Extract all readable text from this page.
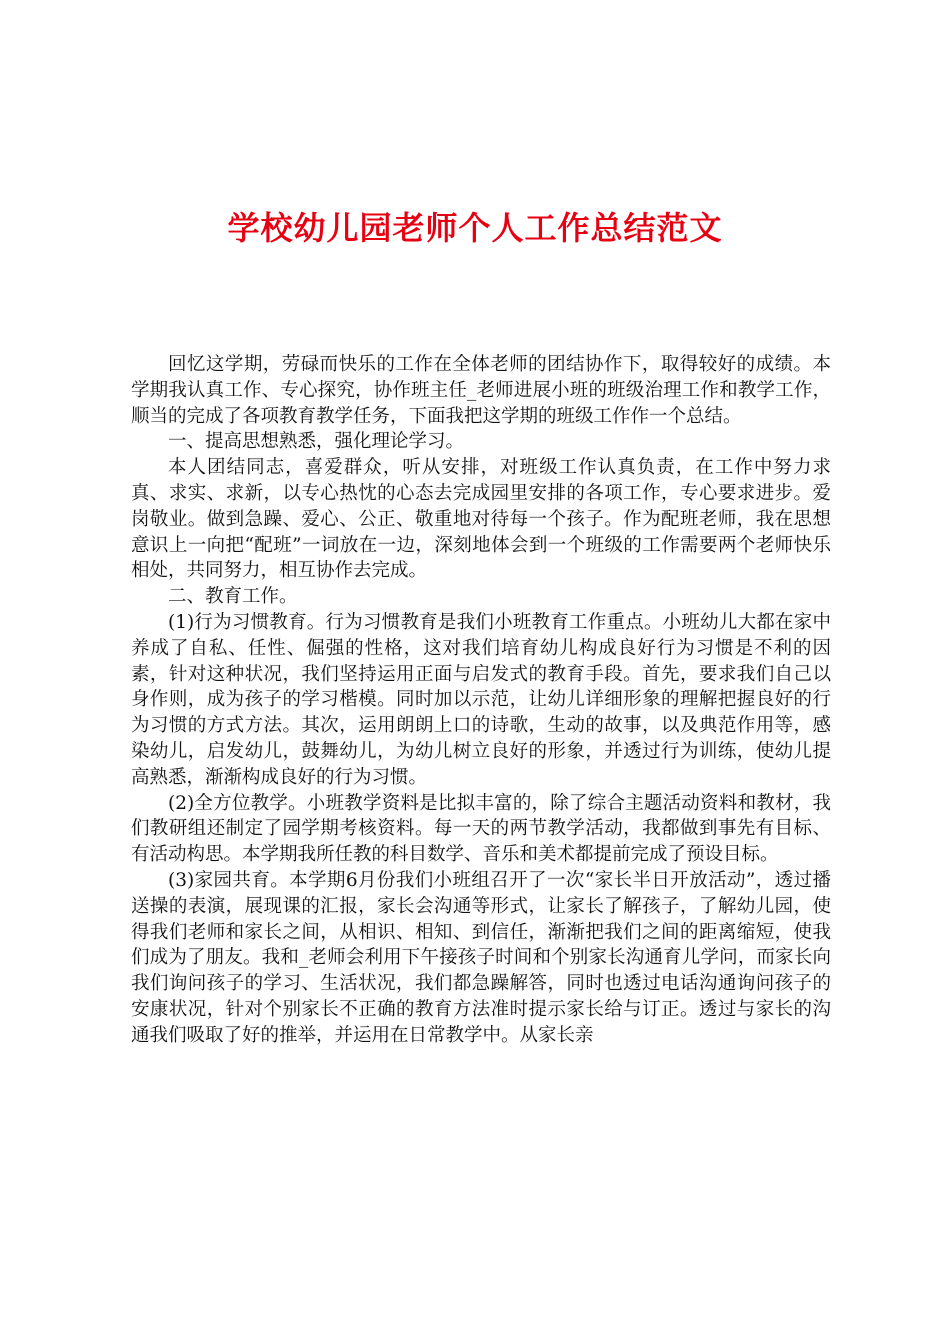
学校幼儿园老师个人工作总结范文

回忆这学期，劳碌而快乐的工作在全体老师的团结协作下，取得较好的成绩。本学期我认真工作、专心探究，协作班主任_老师进展小班的班级治理工作和教学工作，顺当的完成了各项教育教学任务，下面我把这学期的班级工作作一个总结。

一、提高思想熟悉，强化理论学习。

本人团结同志，喜爱群众，听从安排，对班级工作认真负责，在工作中努力求真、求实、求新，以专心热忱的心态去完成园里安排的各项工作，专心要求进步。爱岗敬业。做到急躁、爱心、公正、敬重地对待每一个孩子。作为配班老师，我在思想意识上一向把“配班”一词放在一边，深刻地体会到一个班级的工作需要两个老师快乐相处，共同努力，相互协作去完成。

二、教育工作。

(1)行为习惯教育。行为习惯教育是我们小班教育工作重点。小班幼儿大都在家中养成了自私、任性、倔强的性格，这对我们培育幼儿构成良好行为习惯是不利的因素，针对这种状况，我们坚持运用正面与启发式的教育手段。首先，要求我们自己以身作则，成为孩子的学习楷模。同时加以示范，让幼儿详细形象的理解把握良好的行为习惯的方式方法。其次，运用朗朗上口的诗歌，生动的故事，以及典范作用等，感染幼儿，启发幼儿，鼓舞幼儿，为幼儿树立良好的形象，并透过行为训练，使幼儿提高熟悉，渐渐构成良好的行为习惯。

(2)全方位教学。小班教学资料是比拟丰富的，除了综合主题活动资料和教材，我们教研组还制定了园学期考核资料。每一天的两节教学活动，我都做到事先有目标、有活动构思。本学期我所任教的科目数学、音乐和美术都提前完成了预设目标。

(3)家园共育。本学期6月份我们小班组召开了一次“家长半日开放活动”，透过播送操的表演，展现课的汇报，家长会沟通等形式，让家长了解孩子，了解幼儿园，使得我们老师和家长之间，从相识、相知、到信任，渐渐把我们之间的距离缩短，使我们成为了朋友。我和_老师会利用下午接孩子时间和个别家长沟通育儿学问，而家长向我们询问孩子的学习、生活状况，我们都急躁解答，同时也透过电话沟通询问孩子的安康状况，针对个别家长不正确的教育方法准时提示家长给与订正。透过与家长的沟通我们吸取了好的推举，并运用在日常教学中。从家长亲
